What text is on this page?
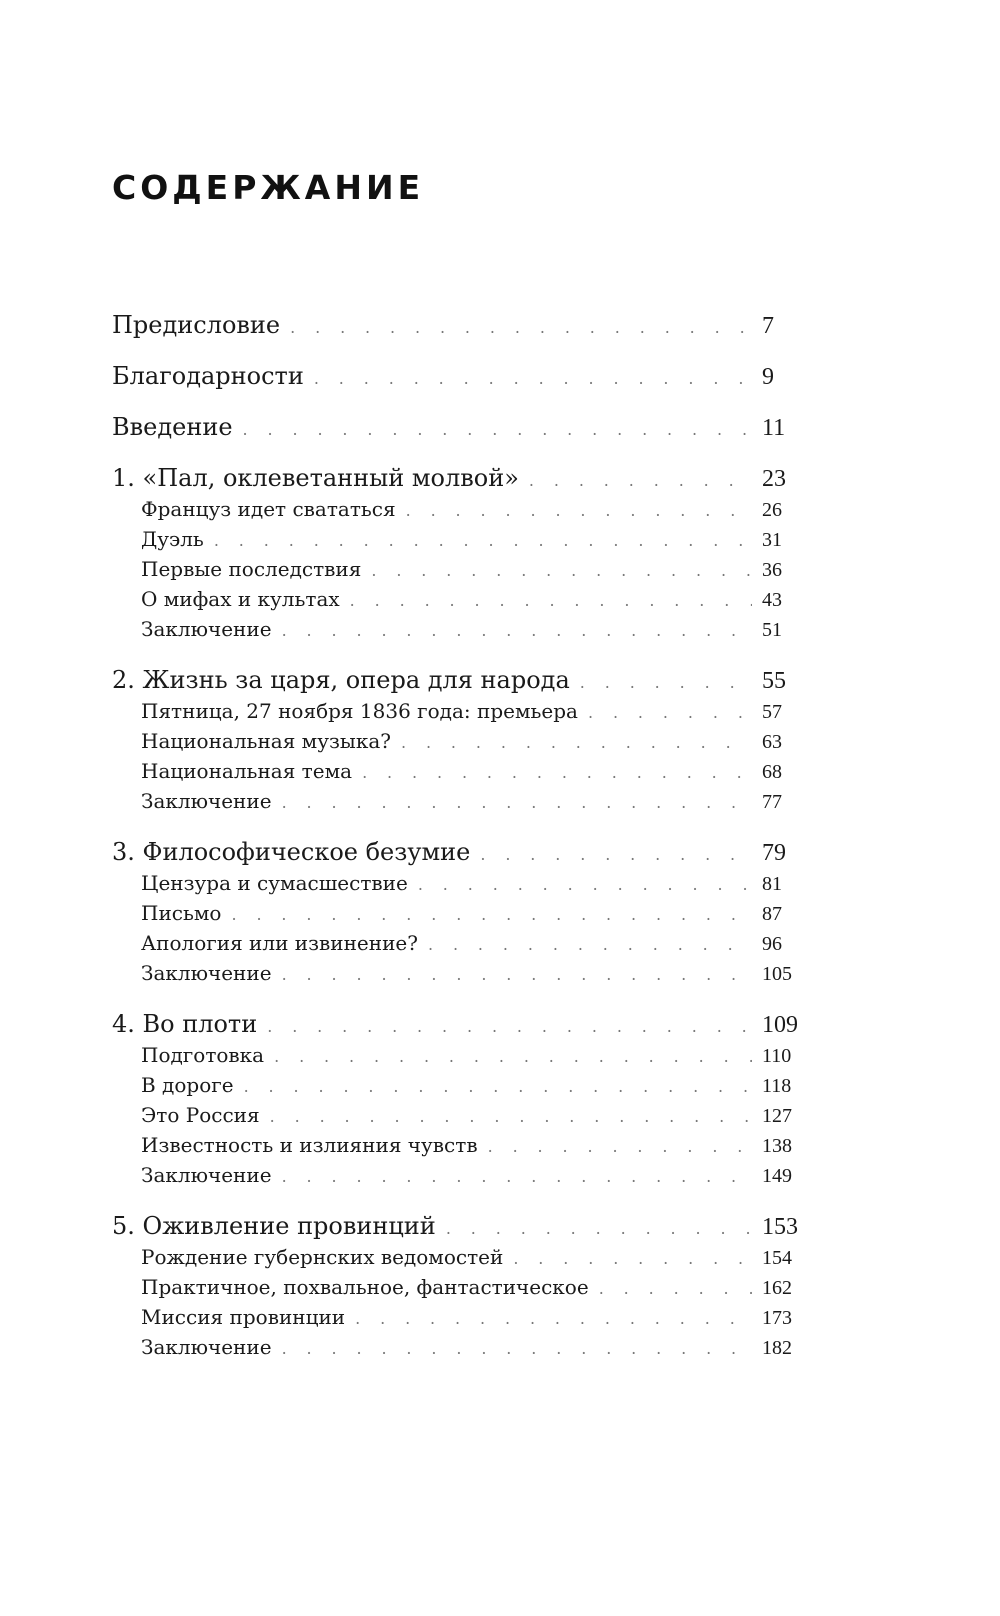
СОДЕРЖАНИЕ
Предисловие . . .	7
Благодарности . . .	9
Введение . . .	11
1. «Пал, оклеветанный молвой» . . .	23
Француз идет свататься . . .	26
Дуэль . . .	31
Первые последствия . . .	36
О мифах и культах . . .	43
Заключение . . .	51
2. Жизнь за царя, опера для народа . . .	55
Пятница, 27 ноября 1836 года: премьера . . .	57
Национальная музыка? . . .	63
Национальная тема . . .	68
Заключение . . .	77
3. Философическое безумие . . .	79
Цензура и сумасшествие . . .	81
Письмо . . .	87
Апология или извинение? . . .	96
Заключение . . .	105
4. Во плоти . . .	109
Подготовка . . .	110
В дороге . . .	118
Это Россия . . .	127
Известность и излияния чувств . . .	138
Заключение . . .	149
5. Оживление провинций . . .	153
Рождение губернских ведомостей . . .	154
Практичное, похвальное, фантастическое . . .	162
Миссия провинции . . .	173
Заключение . . .	182
